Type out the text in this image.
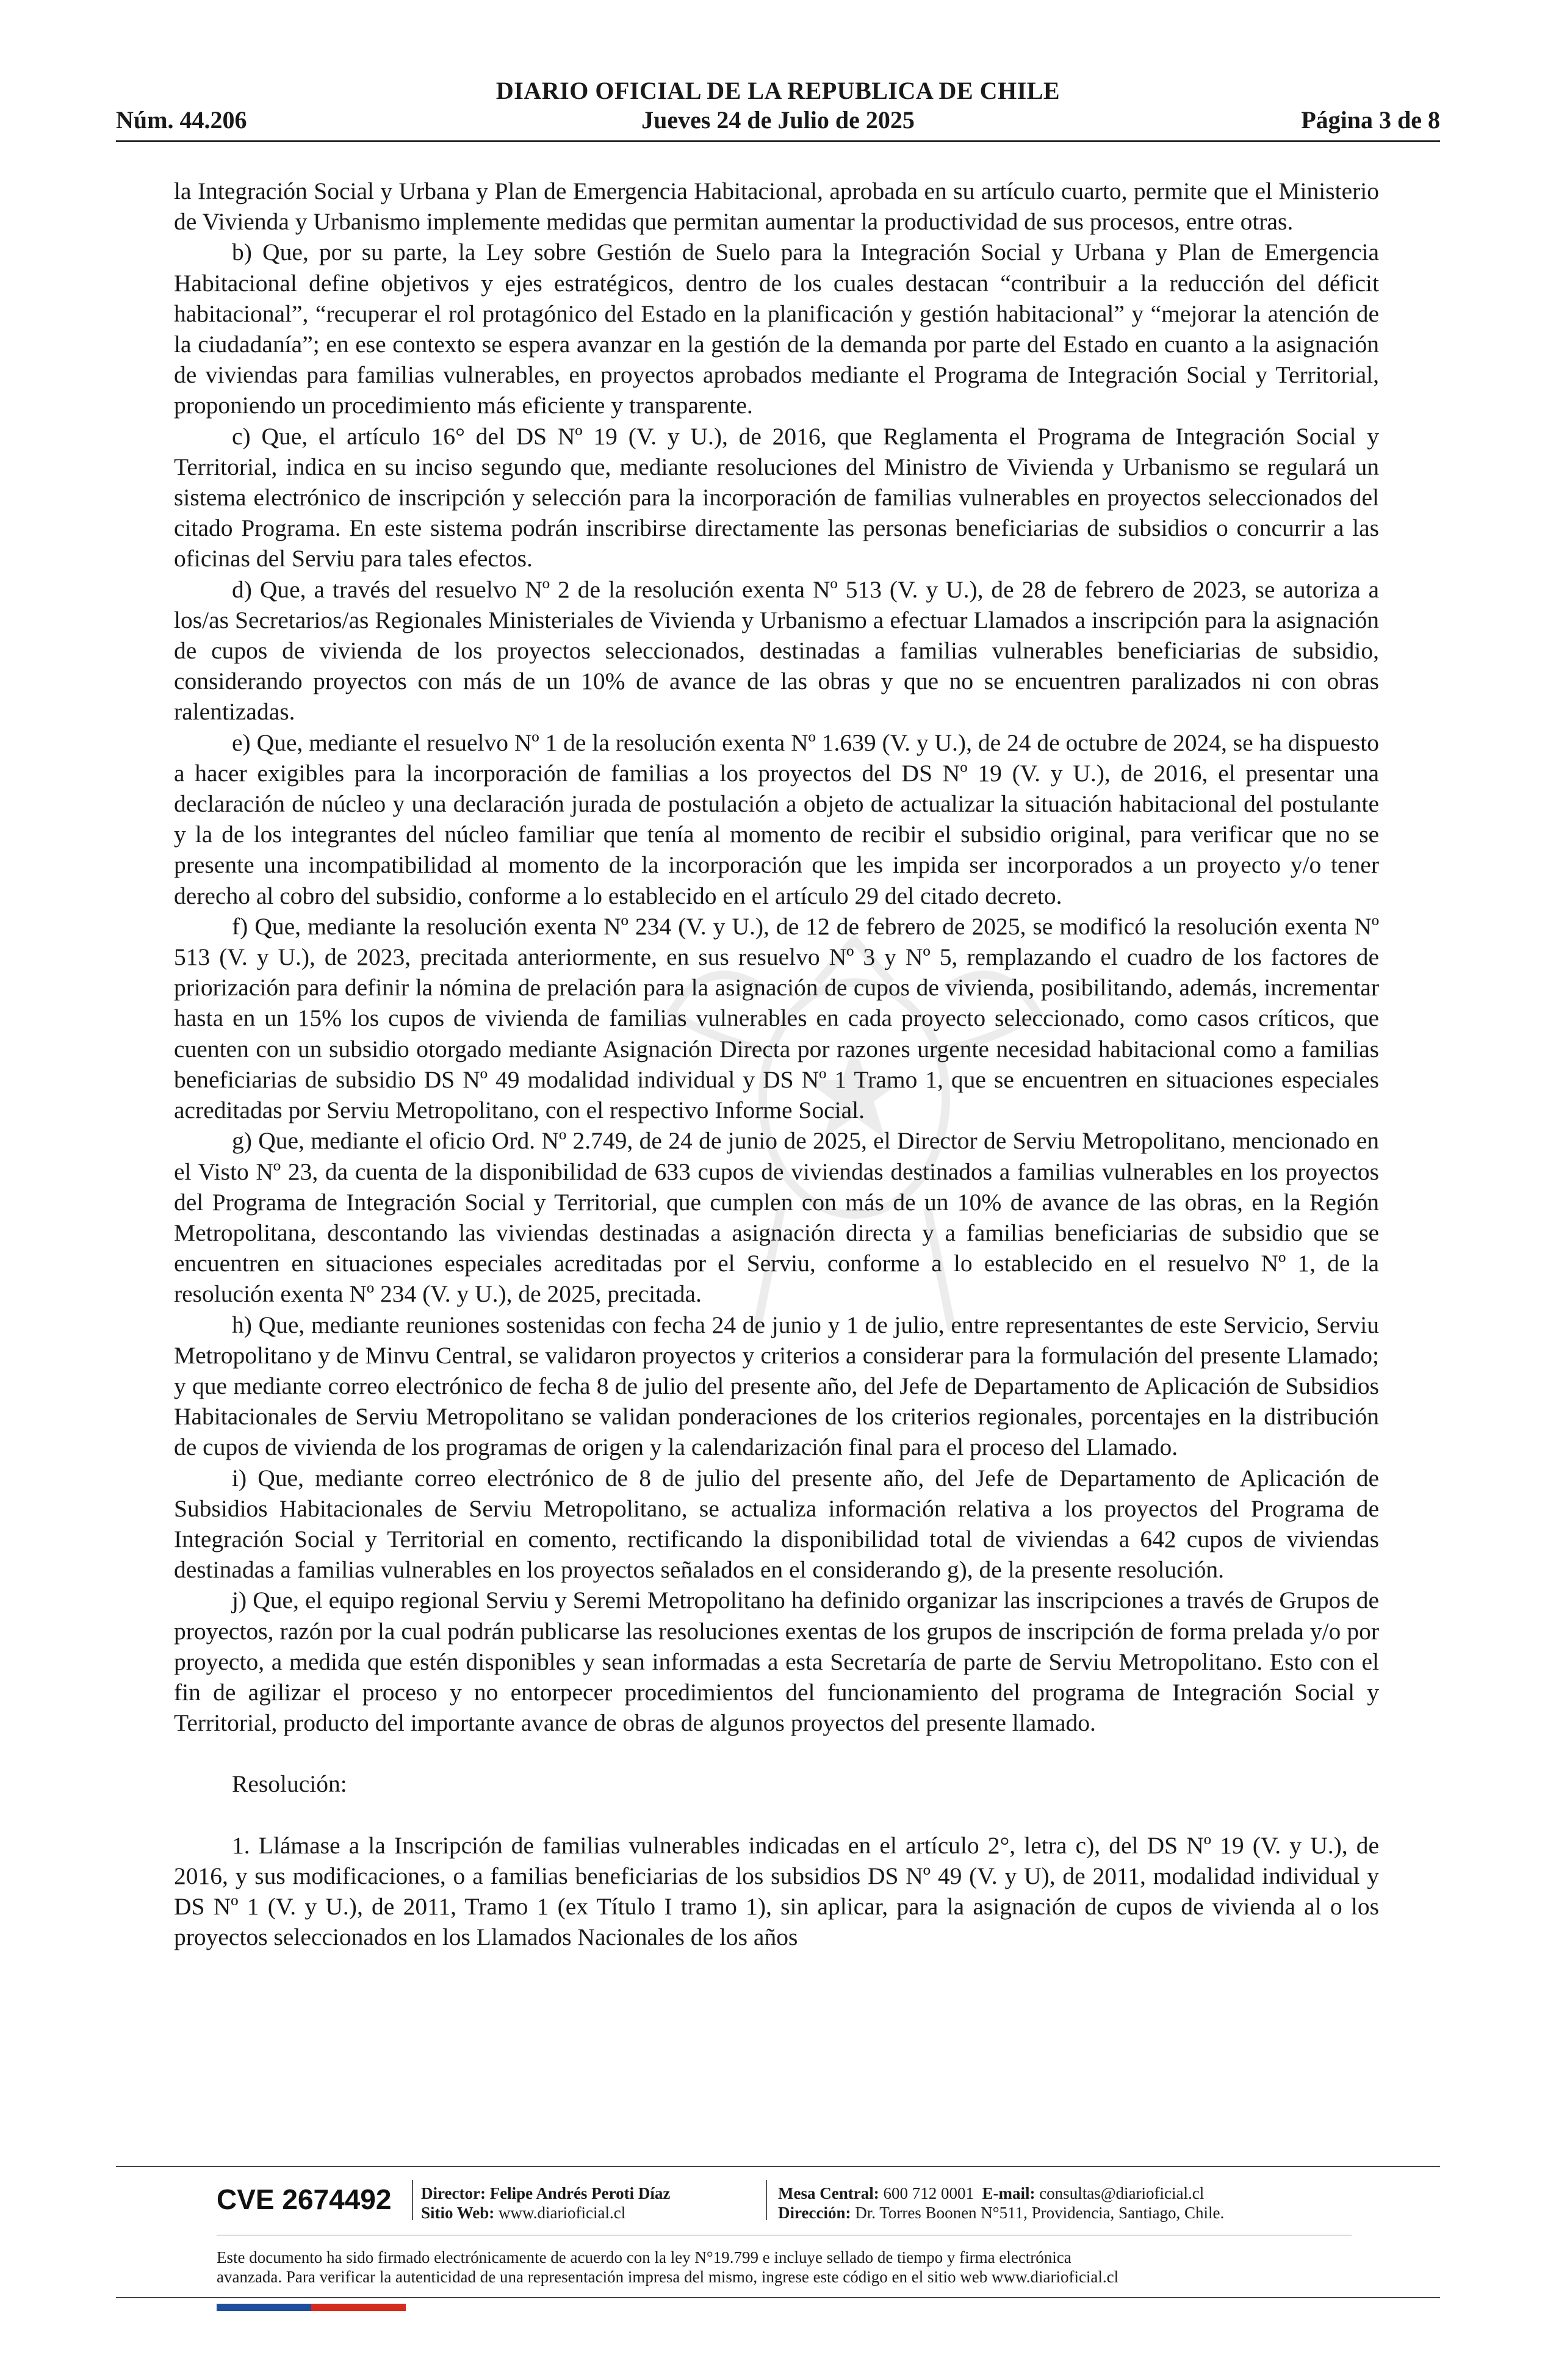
DIARIO OFICIAL DE LA REPUBLICA DE CHILE
Núm. 44.206	Jueves 24 de Julio de 2025	Página 3 de 8

la Integración Social y Urbana y Plan de Emergencia Habitacional, aprobada en su artículo cuarto, permite que el Ministerio de Vivienda y Urbanismo implemente medidas que permitan aumentar la productividad de sus procesos, entre otras.

b) Que, por su parte, la Ley sobre Gestión de Suelo para la Integración Social y Urbana y Plan de Emergencia Habitacional define objetivos y ejes estratégicos, dentro de los cuales destacan “contribuir a la reducción del déficit habitacional”, “recuperar el rol protagónico del Estado en la planificación y gestión habitacional” y “mejorar la atención de la ciudadanía”; en ese contexto se espera avanzar en la gestión de la demanda por parte del Estado en cuanto a la asignación de viviendas para familias vulnerables, en proyectos aprobados mediante el Programa de Integración Social y Territorial, proponiendo un procedimiento más eficiente y transparente.

c) Que, el artículo 16° del DS Nº 19 (V. y U.), de 2016, que Reglamenta el Programa de Integración Social y Territorial, indica en su inciso segundo que, mediante resoluciones del Ministro de Vivienda y Urbanismo se regulará un sistema electrónico de inscripción y selección para la incorporación de familias vulnerables en proyectos seleccionados del citado Programa. En este sistema podrán inscribirse directamente las personas beneficiarias de subsidios o concurrir a las oficinas del Serviu para tales efectos.

d) Que, a través del resuelvo Nº 2 de la resolución exenta Nº 513 (V. y U.), de 28 de febrero de 2023, se autoriza a los/as Secretarios/as Regionales Ministeriales de Vivienda y Urbanismo a efectuar Llamados a inscripción para la asignación de cupos de vivienda de los proyectos seleccionados, destinadas a familias vulnerables beneficiarias de subsidio, considerando proyectos con más de un 10% de avance de las obras y que no se encuentren paralizados ni con obras ralentizadas.

e) Que, mediante el resuelvo Nº 1 de la resolución exenta Nº 1.639 (V. y U.), de 24 de octubre de 2024, se ha dispuesto a hacer exigibles para la incorporación de familias a los proyectos del DS Nº 19 (V. y U.), de 2016, el presentar una declaración de núcleo y una declaración jurada de postulación a objeto de actualizar la situación habitacional del postulante y la de los integrantes del núcleo familiar que tenía al momento de recibir el subsidio original, para verificar que no se presente una incompatibilidad al momento de la incorporación que les impida ser incorporados a un proyecto y/o tener derecho al cobro del subsidio, conforme a lo establecido en el artículo 29 del citado decreto.

f) Que, mediante la resolución exenta Nº 234 (V. y U.), de 12 de febrero de 2025, se modificó la resolución exenta Nº 513 (V. y U.), de 2023, precitada anteriormente, en sus resuelvo Nº 3 y Nº 5, remplazando el cuadro de los factores de priorización para definir la nómina de prelación para la asignación de cupos de vivienda, posibilitando, además, incrementar hasta en un 15% los cupos de vivienda de familias vulnerables en cada proyecto seleccionado, como casos críticos, que cuenten con un subsidio otorgado mediante Asignación Directa por razones urgente necesidad habitacional como a familias beneficiarias de subsidio DS Nº 49 modalidad individual y DS Nº 1 Tramo 1, que se encuentren en situaciones especiales acreditadas por Serviu Metropolitano, con el respectivo Informe Social.

g) Que, mediante el oficio Ord. Nº 2.749, de 24 de junio de 2025, el Director de Serviu Metropolitano, mencionado en el Visto Nº 23, da cuenta de la disponibilidad de 633 cupos de viviendas destinados a familias vulnerables en los proyectos del Programa de Integración Social y Territorial, que cumplen con más de un 10% de avance de las obras, en la Región Metropolitana, descontando las viviendas destinadas a asignación directa y a familias beneficiarias de subsidio que se encuentren en situaciones especiales acreditadas por el Serviu, conforme a lo establecido en el resuelvo Nº 1, de la resolución exenta Nº 234 (V. y U.), de 2025, precitada.

h) Que, mediante reuniones sostenidas con fecha 24 de junio y 1 de julio, entre representantes de este Servicio, Serviu Metropolitano y de Minvu Central, se validaron proyectos y criterios a considerar para la formulación del presente Llamado; y que mediante correo electrónico de fecha 8 de julio del presente año, del Jefe de Departamento de Aplicación de Subsidios Habitacionales de Serviu Metropolitano se validan ponderaciones de los criterios regionales, porcentajes en la distribución de cupos de vivienda de los programas de origen y la calendarización final para el proceso del Llamado.

i) Que, mediante correo electrónico de 8 de julio del presente año, del Jefe de Departamento de Aplicación de Subsidios Habitacionales de Serviu Metropolitano, se actualiza información relativa a los proyectos del Programa de Integración Social y Territorial en comento, rectificando la disponibilidad total de viviendas a 642 cupos de viviendas destinadas a familias vulnerables en los proyectos señalados en el considerando g), de la presente resolución.

j) Que, el equipo regional Serviu y Seremi Metropolitano ha definido organizar las inscripciones a través de Grupos de proyectos, razón por la cual podrán publicarse las resoluciones exentas de los grupos de inscripción de forma prelada y/o por proyecto, a medida que estén disponibles y sean informadas a esta Secretaría de parte de Serviu Metropolitano. Esto con el fin de agilizar el proceso y no entorpecer procedimientos del funcionamiento del programa de Integración Social y Territorial, producto del importante avance de obras de algunos proyectos del presente llamado.

Resolución:

1. Llámase a la Inscripción de familias vulnerables indicadas en el artículo 2°, letra c), del DS Nº 19 (V. y U.), de 2016, y sus modificaciones, o a familias beneficiarias de los subsidios DS Nº 49 (V. y U), de 2011, modalidad individual y DS Nº 1 (V. y U.), de 2011, Tramo 1 (ex Título I tramo 1), sin aplicar, para la asignación de cupos de vivienda al o los proyectos seleccionados en los Llamados Nacionales de los años

CVE 2674492 Director: Felipe Andrés Peroti Díaz
Sitio Web: www.diarioficial.cl
Mesa Central: 600 712 0001 E-mail: consultas@diarioficial.cl
Dirección: Dr. Torres Boonen N°511, Providencia, Santiago, Chile.
Este documento ha sido firmado electrónicamente de acuerdo con la ley N°19.799 e incluye sellado de tiempo y firma electrónica
avanzada. Para verificar la autenticidad de una representación impresa del mismo, ingrese este código en el sitio web www.diarioficial.cl
